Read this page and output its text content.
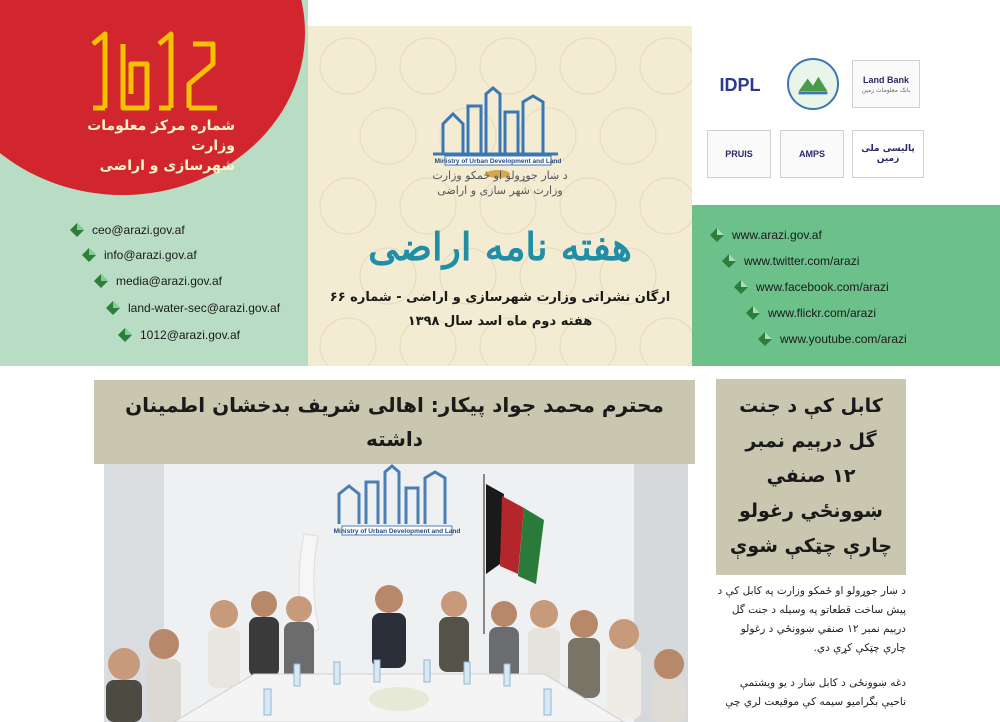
1012
شماره مرکز معلومات وزارت
شهرسازی و اراضی
ceo@arazi.gov.af
info@arazi.gov.af
media@arazi.gov.af
land-water-sec@arazi.gov.af
1012@arazi.gov.af
Ministry of Urban Development and Land
د ښار جوړولو او ځمکو وزارت
وزارت شهر سازی و اراضی
هفته نامه اراضی
ارگان نشراتی وزارت شهرسازی و اراضی - شماره ۶۶
هفته دوم ماه اسد سال ۱۳۹۸
IDPL	Land Bank
بانک معلومات زمین
PRUIS	AMPS	پالیسی ملی زمین
www.arazi.gov.af
www.twitter.com/arazi
www.facebook.com/arazi
www.flickr.com/arazi
www.youtube.com/arazi
محترم محمد جواد پیکار: اهالی شریف بدخشان اطمینان داشته
Ministry of Urban Development and Land
کابل کې د جنت
گل درېیم نمبر
۱۲ صنفي
ښوونځي رغولو
چارې چټکې شوې

د ښار جوړولو او ځمکو وزارت په کابل کې د پیش ساخت قطعاتو په وسیله د جنت گل درېیم نمبر ۱۲ صنفي ښوونځي د رغولو چارې چټکې کړې دي.

دغه ښوونځی د کابل ښار د یو ویشتمې ناحیې بگرامیو سیمه کې موقیعت لري چې
